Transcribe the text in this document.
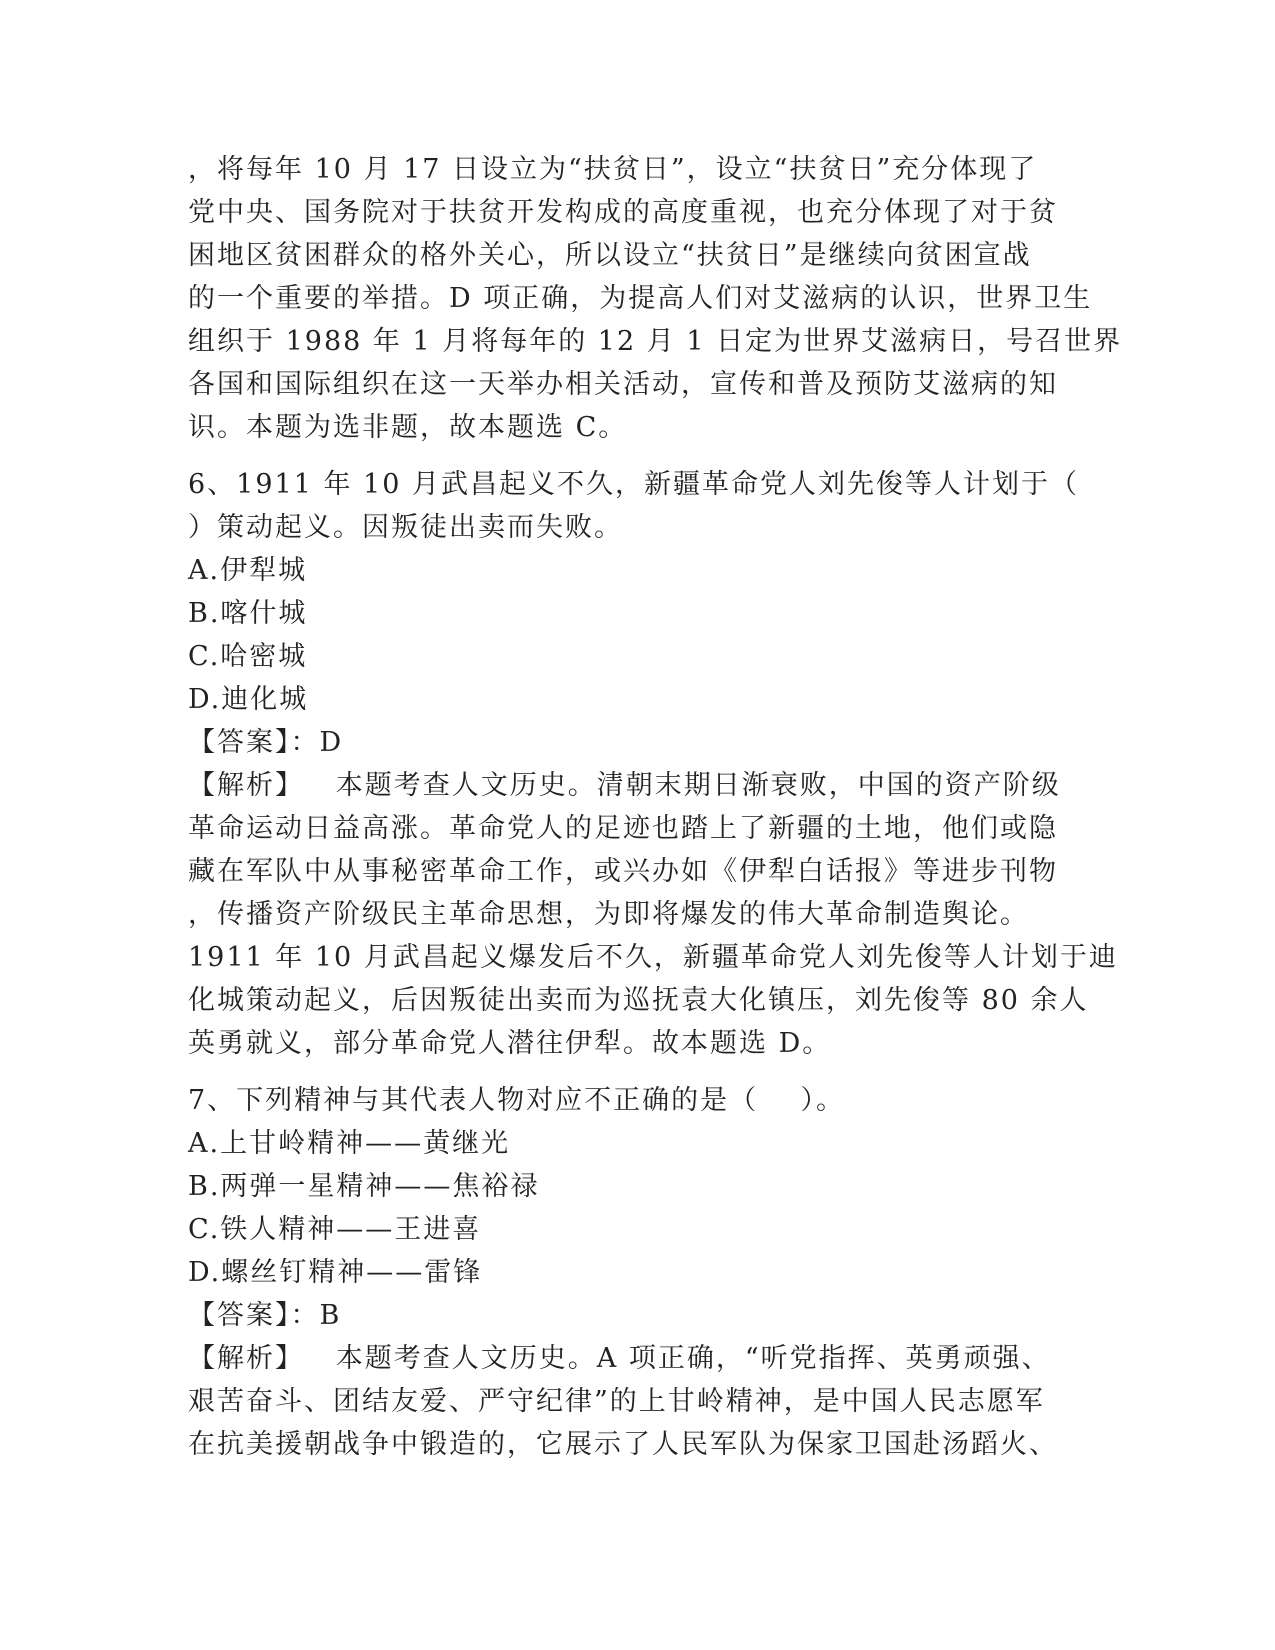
，将每年 10 月 17 日设立为“扶贫日”，设立“扶贫日”充分体现了
党中央、国务院对于扶贫开发构成的高度重视，也充分体现了对于贫
困地区贫困群众的格外关心，所以设立“扶贫日”是继续向贫困宣战
的一个重要的举措。D 项正确，为提高人们对艾滋病的认识，世界卫生
组织于 1988 年 1 月将每年的 12 月 1 日定为世界艾滋病日，号召世界
各国和国际组织在这一天举办相关活动，宣传和普及预防艾滋病的知
识。本题为选非题，故本题选 C。
6、1911 年 10 月武昌起义不久，新疆革命党人刘先俊等人计划于（
）策动起义。因叛徒出卖而失败。
A.伊犁城
B.喀什城
C.哈密城
D.迪化城
【答案】：D
【解析】   本题考查人文历史。清朝末期日渐衰败，中国的资产阶级
革命运动日益高涨。革命党人的足迹也踏上了新疆的土地，他们或隐
藏在军队中从事秘密革命工作，或兴办如《伊犁白话报》等进步刊物
，传播资产阶级民主革命思想，为即将爆发的伟大革命制造舆论。
1911 年 10 月武昌起义爆发后不久，新疆革命党人刘先俊等人计划于迪
化城策动起义，后因叛徒出卖而为巡抚袁大化镇压，刘先俊等 80 余人
英勇就义，部分革命党人潜往伊犁。故本题选 D。
7、下列精神与其代表人物对应不正确的是（    ）。
A.上甘岭精神——黄继光
B.两弹一星精神——焦裕禄
C.铁人精神——王进喜
D.螺丝钉精神——雷锋
【答案】：B
【解析】   本题考查人文历史。A 项正确，“听党指挥、英勇顽强、
艰苦奋斗、团结友爱、严守纪律”的上甘岭精神，是中国人民志愿军
在抗美援朝战争中锻造的，它展示了人民军队为保家卫国赴汤蹈火、
